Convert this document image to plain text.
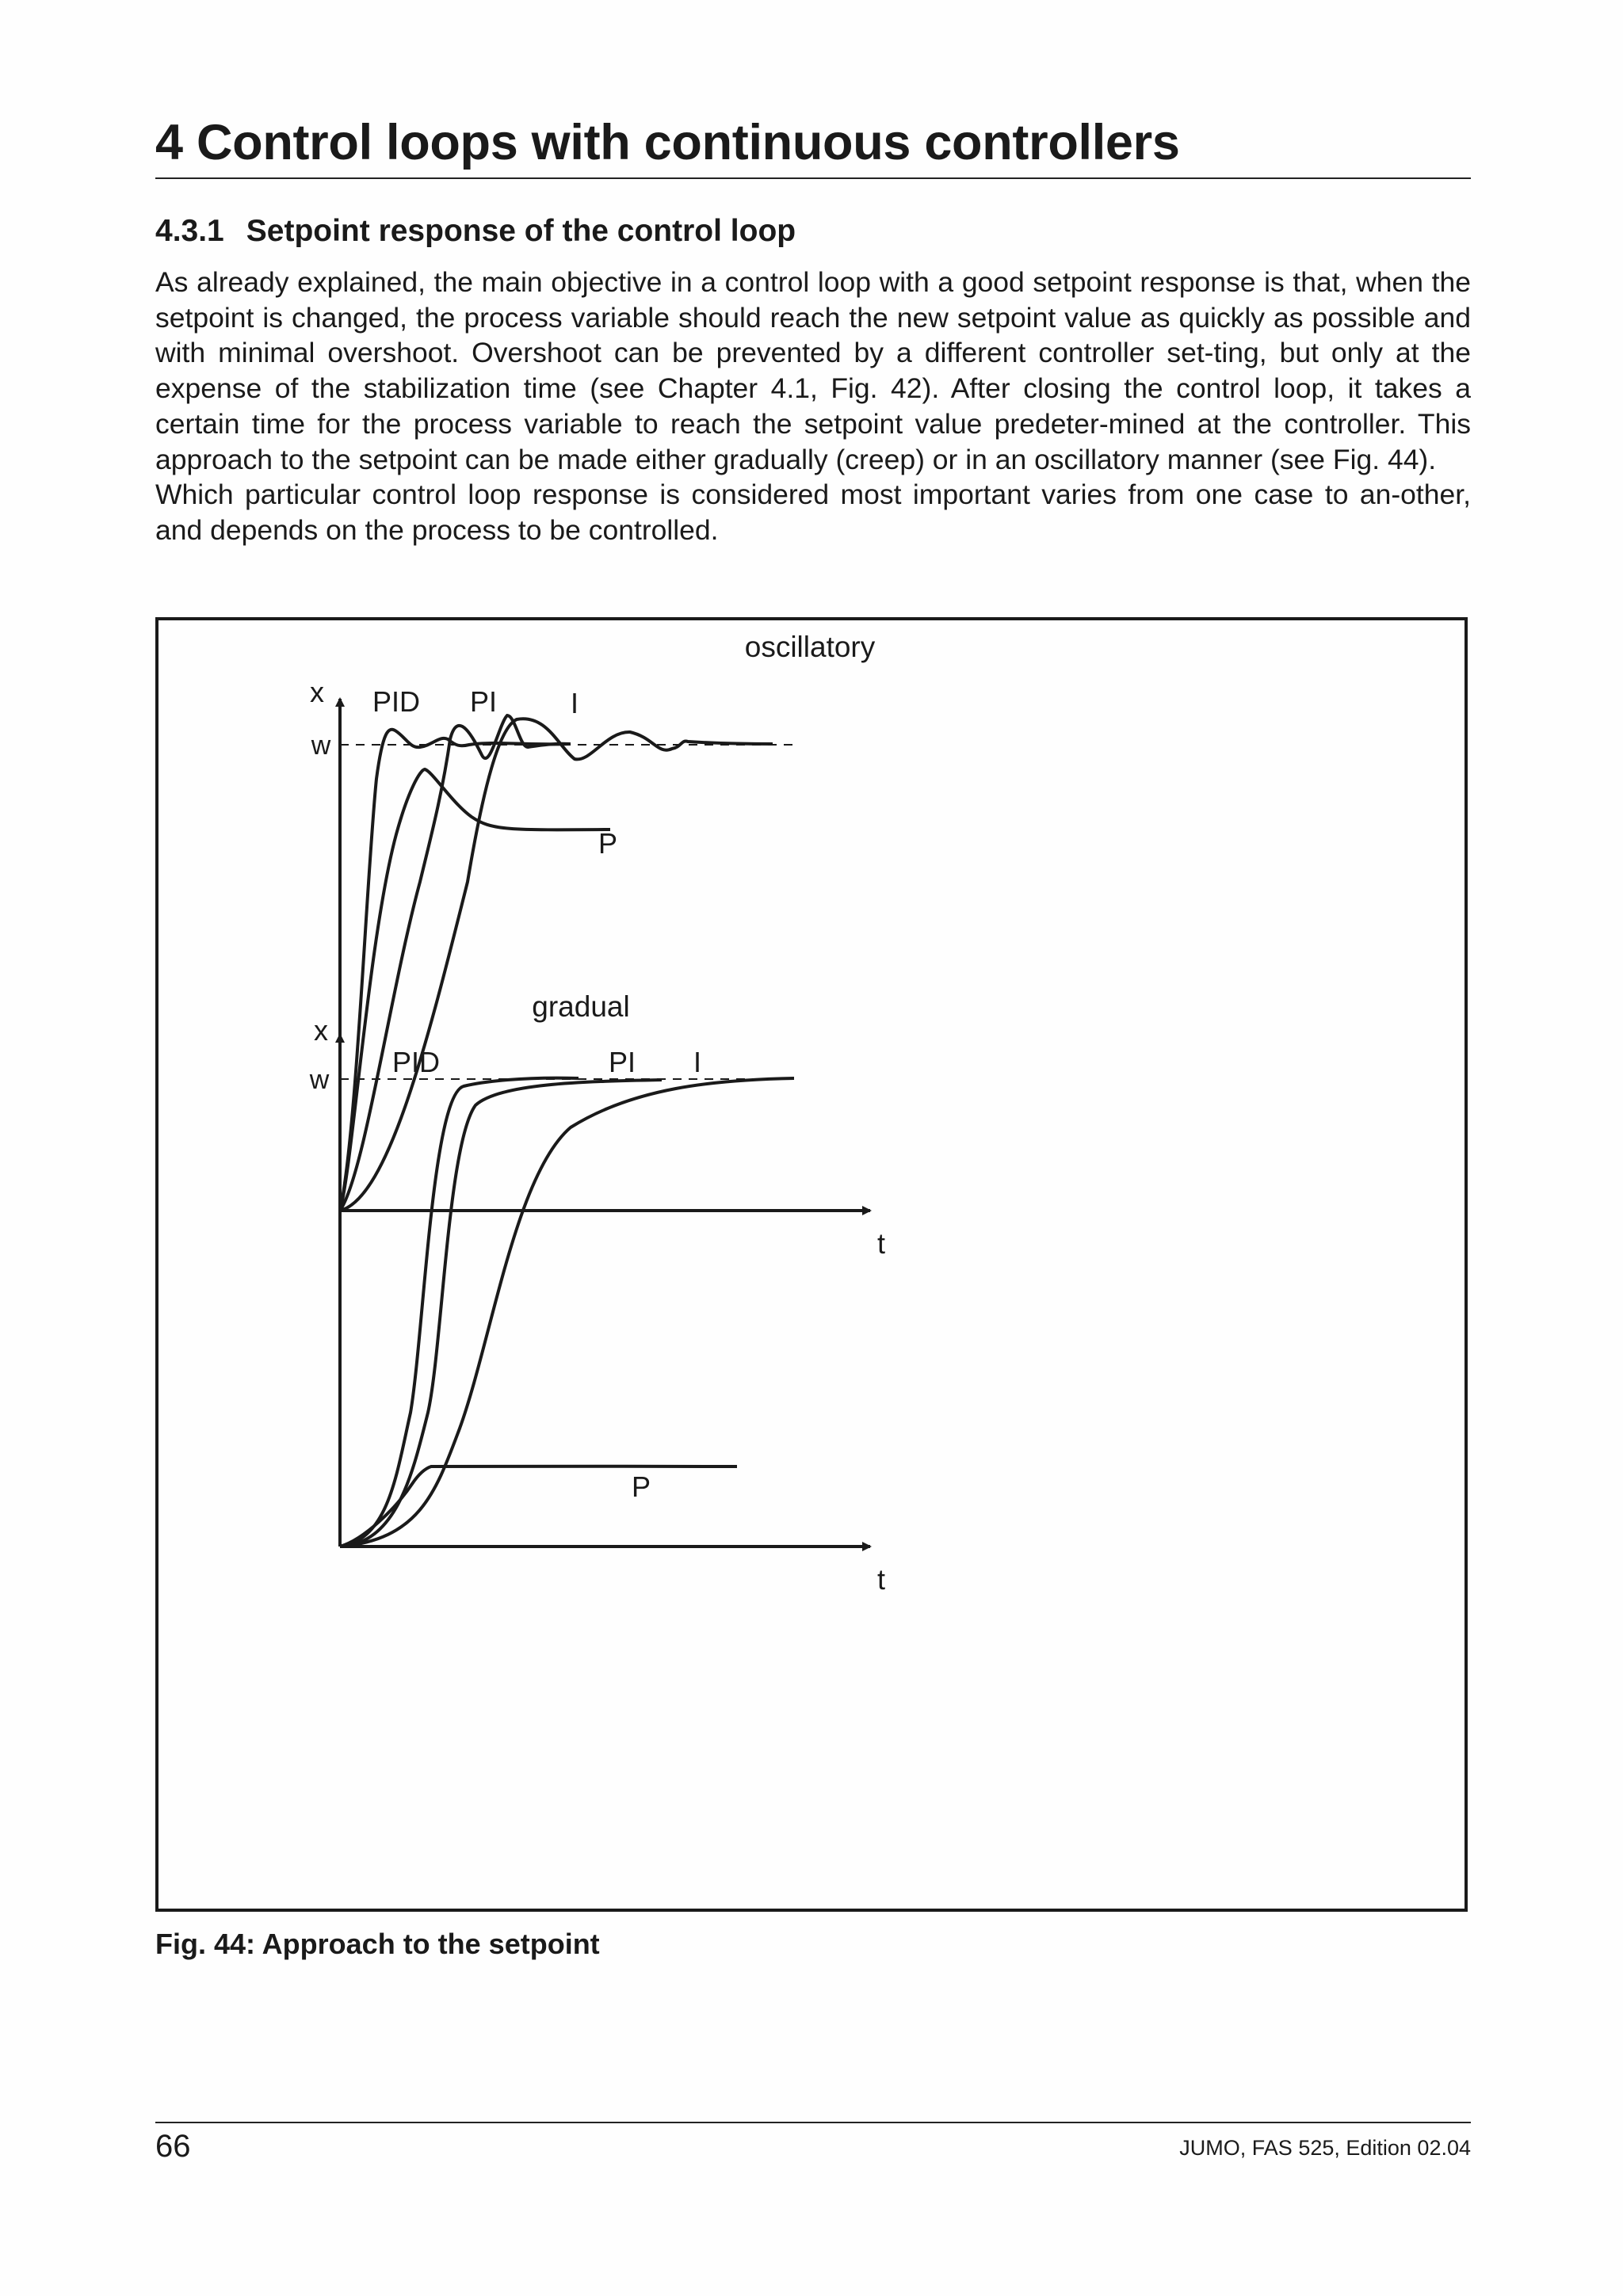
4 Control loops with continuous controllers
4.3.1 Setpoint response of the control loop

As already explained, the main objective in a control loop with a good setpoint response is that, when the setpoint is changed, the process variable should reach the new setpoint value as quickly as possible and with minimal overshoot. Overshoot can be prevented by a different controller set-ting, but only at the expense of the stabilization time (see Chapter 4.1, Fig. 42). After closing the control loop, it takes a certain time for the process variable to reach the setpoint value predeter-mined at the controller. This approach to the setpoint can be made either gradually (creep) or in an oscillatory manner (see Fig. 44).

Which particular control loop response is considered most important varies from one case to an-other, and depends on the process to be controlled.

oscillatory
x
w
t
PID PI	I
P
gradual
x
w
t
PID	PI I
P

Fig. 44: Approach to the setpoint

66	JUMO, FAS 525, Edition 02.04
